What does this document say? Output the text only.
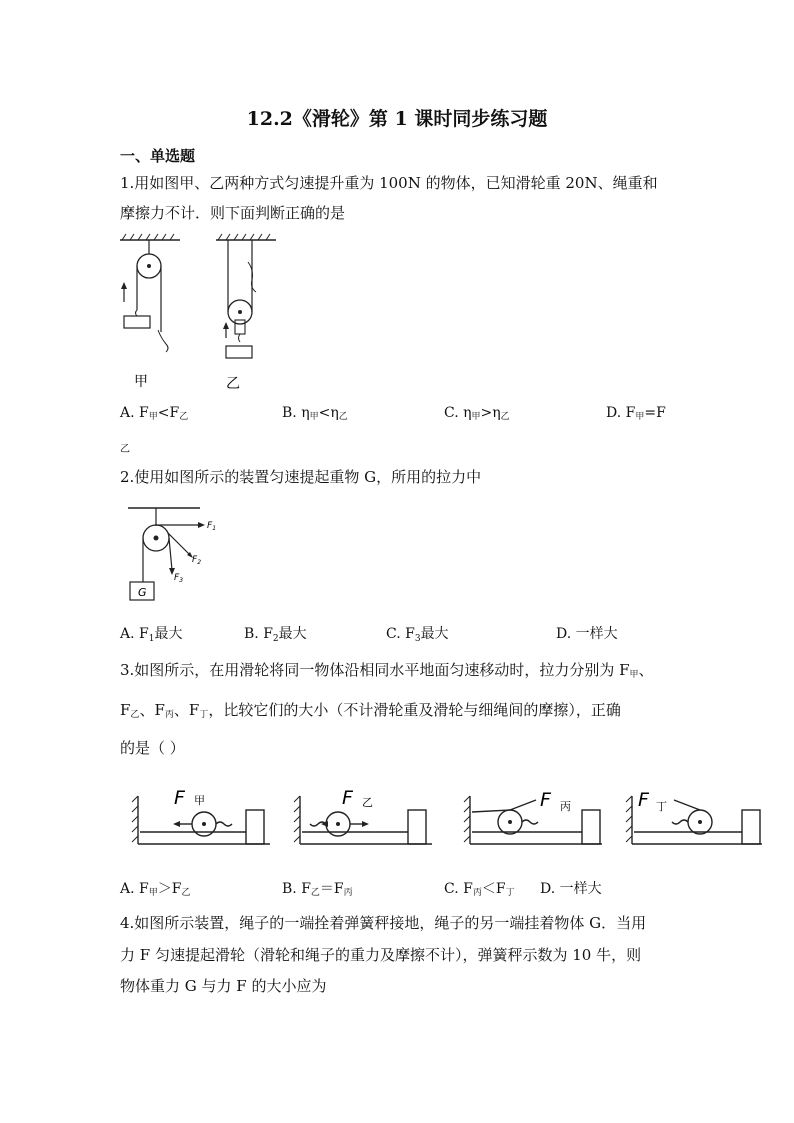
12.2《滑轮》第 1 课时同步练习题
一、单选题
1.用如图甲、乙两种方式匀速提升重为 100N 的物体，已知滑轮重 20N、绳重和
摩擦力不计．则下面判断正确的是
甲	乙
A. F甲<F乙	B. η甲<η乙	C. η甲>η乙	D. F甲=F
乙
2.使用如图所示的装置匀速提起重物 G，所用的拉力中
G
$F_1$
$F_2$
$F_3$
A. $F_1$最大	B. $F_2$最大	C. $F_3$最大	D. 一样大
3.如图所示，在用滑轮将同一物体沿相同水平地面匀速移动时，拉力分别为 F甲、
F乙、F丙、F丁，比较它们的大小（不计滑轮重及滑轮与细绳间的摩擦），正确
的是（ ）
F 甲	F 乙	F 丙	F 丁
A. F甲＞F乙	B. F乙＝F丙	C. F丙＜F丁 D. 一样大
4.如图所示装置，绳子的一端拴着弹簧秤接地，绳子的另一端挂着物体 G．当用
力 F 匀速提起滑轮（滑轮和绳子的重力及摩擦不计），弹簧秤示数为 10 牛，则
物体重力 G 与力 F 的大小应为
